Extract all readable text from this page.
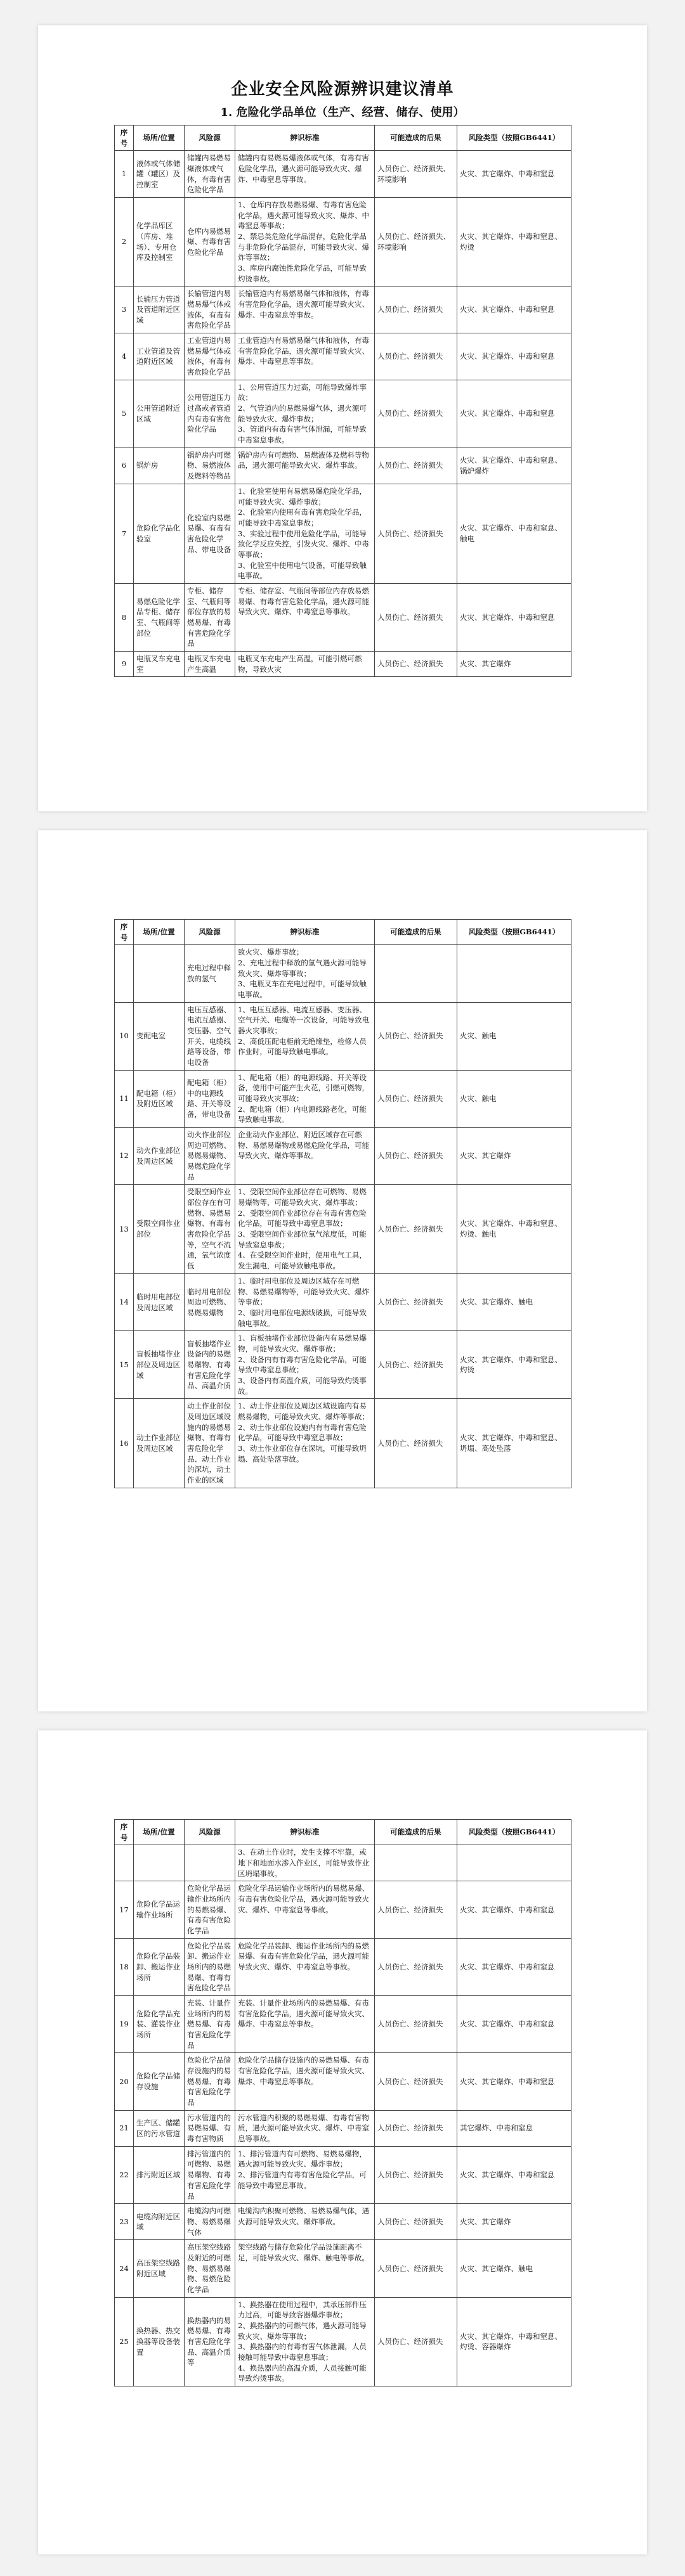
企业安全风险源辨识建议清单
1. 危险化学品单位（生产、经营、储存、使用）
序号	场所/位置	风险源	辨识标准	可能造成的后果	风险类型（按照GB6441）
1	液体或气体储罐（罐区）及控制室	储罐内易燃易爆液体或气体，有毒有害危险化学品	储罐内有易燃易爆液体或气体，有毒有害危险化学品，遇火源可能导致火灾、爆炸、中毒窒息等事故。	人员伤亡、经济损失、环境影响	火灾、其它爆炸、中毒和窒息
2	化学品库区（库房、堆场）、专用仓库及控制室	仓库内易燃易爆、有毒有害危险化学品	1、仓库内存放易燃易爆、有毒有害危险化学品，遇火源可能导致火灾、爆炸、中毒窒息等事故；
2、禁忌类危险化学品混存，危险化学品与非危险化学品混存，可能导致火灾、爆炸等事故；
3、库房内腐蚀性危险化学品，可能导致灼烫事故。	人员伤亡、经济损失、环境影响	火灾、其它爆炸、中毒和窒息、灼烫
3	长输压力管道及管道附近区域	长输管道内易燃易爆气体或液体，有毒有害危险化学品	长输管道内有易燃易爆气体和液体，有毒有害危险化学品，遇火源可能导致火灾、爆炸、中毒窒息等事故。	人员伤亡、经济损失	火灾、其它爆炸、中毒和窒息
4	工业管道及管道附近区域	工业管道内易燃易爆气体或液体，有毒有害危险化学品	工业管道内有易燃易爆气体和液体，有毒有害危险化学品，遇火源可能导致火灾、爆炸、中毒窒息等事故。	人员伤亡、经济损失	火灾、其它爆炸、中毒和窒息
5	公用管道附近区域	公用管道压力过高或者管道内有毒有害危险化学品	1、公用管道压力过高，可能导致爆炸事故；
2、气管道内的易燃易爆气体，遇火源可能导致火灾、爆炸事故；
3、管道内有毒有害气体泄漏，可能导致中毒窒息事故。	人员伤亡、经济损失	火灾、其它爆炸、中毒和窒息
6	锅炉房	锅炉房内可燃物、易燃液体及燃料等物品	锅炉房内有可燃物、易燃液体及燃料等物品，遇火源可能导致火灾、爆炸事故。	人员伤亡、经济损失	火灾、其它爆炸、中毒和窒息、锅炉爆炸
7	危险化学品化验室	化验室内易燃易爆、有毒有害危险化学品、带电设备	1、化验室使用有易燃易爆危险化学品，可能导致火灾、爆炸事故；
2、化验室内使用有毒有害危险化学品，可能导致中毒窒息事故；
3、实验过程中使用危险化学品，可能导致化学反应失控，引发火灾、爆炸、中毒等事故；
3、化验室中使用电气设备，可能导致触电事故。	人员伤亡、经济损失	火灾、其它爆炸、中毒和窒息、触电
8	易燃危险化学品专柜、储存室、气瓶间等部位	专柜、储存室、气瓶间等部位存放的易燃易爆、有毒有害危险化学品	专柜、储存室、气瓶间等部位内存放易燃易爆、有毒有害危险化学品，遇火源可能导致火灾、爆炸、中毒窒息等事故。	人员伤亡、经济损失	火灾、其它爆炸、中毒和窒息
9	电瓶叉车充电室	电瓶叉车充电产生高温	电瓶叉车充电产生高温，可能引燃可燃物，导致火灾	人员伤亡、经济损失	火灾、其它爆炸
序号	场所/位置	风险源	辨识标准	可能造成的后果	风险类型（按照GB6441）
		充电过程中释放的氢气	致火灾、爆炸事故；
2、充电过程中释放的氢气遇火源可能导致火灾、爆炸等事故；
3、电瓶叉车在充电过程中，可能导致触电事故。		
10	变配电室	电压互感器、电流互感器、变压器、空气开关、电缆线路等设备，带电设备	1、电压互感器、电流互感器、变压器、空气开关、电缆等一次设备，可能导致电器火灾事故；
2、高低压配电柜前无绝缘垫，检修人员作业时，可能导致触电事故。	人员伤亡、经济损失	火灾、触电
11	配电箱（柜）及附近区域	配电箱（柜）中的电源线路、开关等设备，带电设备	1、配电箱（柜）的电源线路、开关等设备，使用中可能产生火花，引燃可燃物，可能导致火灾事故；
2、配电箱（柜）内电源线路老化，可能导致触电事故。	人员伤亡、经济损失	火灾、触电
12	动火作业部位及周边区域	动火作业部位周边可燃物、易燃易爆物、易燃危险化学品	企业动火作业部位、附近区域存在可燃物、易燃易爆物或易燃危险化学品，可能导致火灾、爆炸等事故。	人员伤亡、经济损失	火灾、其它爆炸
13	受限空间作业部位	受限空间作业部位存在有可燃物、易燃易爆物、有毒有害危险化学品等，空气不流通，氧气浓度低	1、受限空间作业部位存在可燃物、易燃易爆物等，可能导致火灾、爆炸事故；
2、受限空间作业部位存在有毒有害危险化学品，可能导致中毒窒息事故；
3、受限空间作业部位氧气浓度低，可能导致窒息事故；
4、在受限空间作业时，使用电气工具，发生漏电，可能导致触电事故。	人员伤亡、经济损失	火灾、其它爆炸、中毒和窒息、灼烫、触电
14	临时用电部位及周边区域	临时用电部位周边可燃物、易燃易爆物	1、临时用电部位及周边区域存在可燃物、易燃易爆物等，可能导致火灾、爆炸等事故；
2、临时用电部位电源线破损，可能导致触电事故。	人员伤亡、经济损失	火灾、其它爆炸、触电
15	盲板抽堵作业部位及周边区域	盲板抽堵作业设备内的易燃易爆物、有毒有害危险化学品、高温介质	1、盲板抽堵作业部位设备内有易燃易爆物，可能导致火灾、爆炸事故；
2、设备内有有毒有害危险化学品，可能导致中毒窒息事故；
3、设备内有高温介质，可能导致灼烫事故。	人员伤亡、经济损失	火灾、其它爆炸、中毒和窒息、灼烫
16	动土作业部位及周边区域	动土作业部位及周边区域设施内的易燃易爆物、有毒有害危险化学品、动土作业的深坑，动土作业的区域	1、动土作业部位及周边区域设施内有易燃易爆物，可能导致火灾、爆炸等事故；
2、动土作业部位设施内有有毒有害危险化学品，可能导致中毒窒息事故；
3、动土作业部位存在深坑，可能导致坍塌、高处坠落事故。	人员伤亡、经济损失	火灾、其它爆炸、中毒和窒息、坍塌、高处坠落
序号	场所/位置	风险源	辨识标准	可能造成的后果	风险类型（按照GB6441）
			3、在动土作业时，发生支撑不牢靠，或地下和地面水渗入作业区，可能导致作业区坍塌事故。		
17	危险化学品运输作业场所	危险化学品运输作业场所内的易燃易爆、有毒有害危险化学品	危险化学品运输作业场所内的易燃易爆、有毒有害危险化学品，遇火源可能导致火灾、爆炸、中毒窒息等事故。	人员伤亡、经济损失	火灾、其它爆炸、中毒和窒息
18	危险化学品装卸、搬运作业场所	危险化学品装卸、搬运作业场所内的易燃易爆、有毒有害危险化学品	危险化学品装卸、搬运作业场所内的易燃易爆、有毒有害危险化学品，遇火源可能导致火灾、爆炸、中毒窒息等事故。	人员伤亡、经济损失	火灾、其它爆炸、中毒和窒息
19	危险化学品充装、灌装作业场所	充装、计量作业场所内的易燃易爆、有毒有害危险化学品	充装、计量作业场所内的易燃易爆、有毒有害危险化学品，遇火源可能导致火灾、爆炸、中毒窒息等事故。	人员伤亡、经济损失	火灾、其它爆炸、中毒和窒息
20	危险化学品储存设施	危险化学品储存设施内的易燃易爆、有毒有害危险化学品	危险化学品储存设施内的易燃易爆、有毒有害危险化学品，遇火源可能导致火灾、爆炸、中毒窒息等事故。	人员伤亡、经济损失	火灾、其它爆炸、中毒和窒息
21	生产区、储罐区的污水管道	污水管道内的易燃易爆、有毒有害物质	污水管道内积聚的易燃易爆、有毒有害物质，遇火源可能导致火灾、爆炸、中毒窒息等事故。	人员伤亡、经济损失	其它爆炸、中毒和窒息
22	排污附近区域	排污管道内的可燃物、易燃易爆物、有毒有害危险化学品	1、排污管道内有可燃物、易燃易爆物，遇火源可能导致火灾、爆炸事故；
2、排污管道内有毒有害危险化学品，可能导致中毒窒息事故。	人员伤亡、经济损失	火灾、其它爆炸、中毒和窒息
23	电缆沟附近区域	电缆沟内可燃物、易燃易爆气体	电缆沟内积聚可燃物、易燃易爆气体，遇火源可能导致火灾、爆炸事故。	人员伤亡、经济损失	火灾、其它爆炸
24	高压架空线路附近区域	高压架空线路及附近的可燃物、易燃易爆物、易燃危险化学品	架空线路与储存危险化学品设施距离不足，可能导致火灾、爆炸、触电等事故。	人员伤亡、经济损失	火灾、其它爆炸、触电
25	换热器、热交换器等设备装置	换热器内的易燃易爆、有毒有害危险化学品、高温介质等	1、换热器在使用过程中，其承压部件压力过高，可能导致容器爆炸事故；
2、换热器内的可燃气体，遇火源可能导致火灾、爆炸等事故；
3、换热器内的有毒有害气体泄漏，人员接触可能导致中毒窒息事故；
4、换热器内的高温介质，人员接触可能导致灼烫事故。	人员伤亡、经济损失	火灾、其它爆炸、中毒和窒息、灼烫、容器爆炸
